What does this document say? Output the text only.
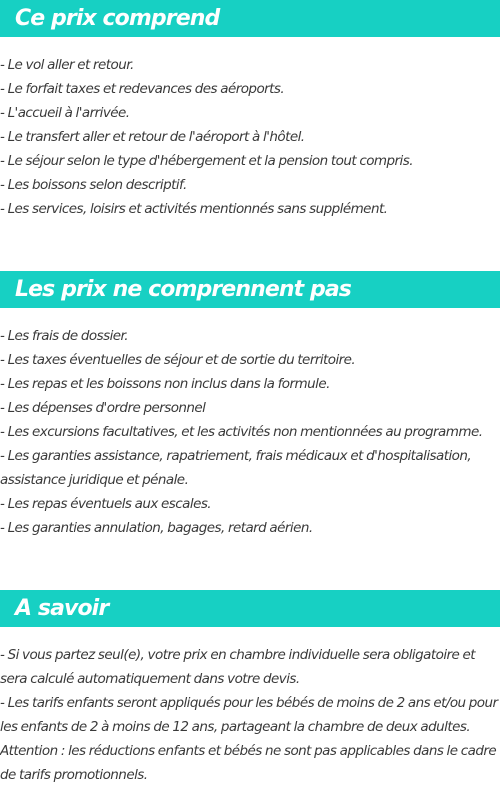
Ce prix comprend
- Le vol aller et retour.
- Le forfait taxes et redevances des aéroports.
- L'accueil à l'arrivée.
- Le transfert aller et retour de l'aéroport à l'hôtel.
- Le séjour selon le type d'hébergement et la pension tout compris.
- Les boissons selon descriptif.
- Les services, loisirs et activités mentionnés sans supplément.
Les prix ne comprennent pas
- Les frais de dossier.
- Les taxes éventuelles de séjour et de sortie du territoire.
- Les repas et les boissons non inclus dans la formule.
- Les dépenses d'ordre personnel
- Les excursions facultatives, et les activités non mentionnées au programme.
- Les garanties assistance, rapatriement, frais médicaux et d'hospitalisation, assistance juridique et pénale.
- Les repas éventuels aux escales.
- Les garanties annulation, bagages, retard aérien.
A savoir
- Si vous partez seul(e), votre prix en chambre individuelle sera obligatoire et sera calculé automatiquement dans votre devis.
- Les tarifs enfants seront appliqués pour les bébés de moins de 2 ans et/ou pour les enfants de 2 à moins de 12 ans, partageant la chambre de deux adultes.
Attention : les réductions enfants et bébés ne sont pas applicables dans le cadre de tarifs promotionnels.
